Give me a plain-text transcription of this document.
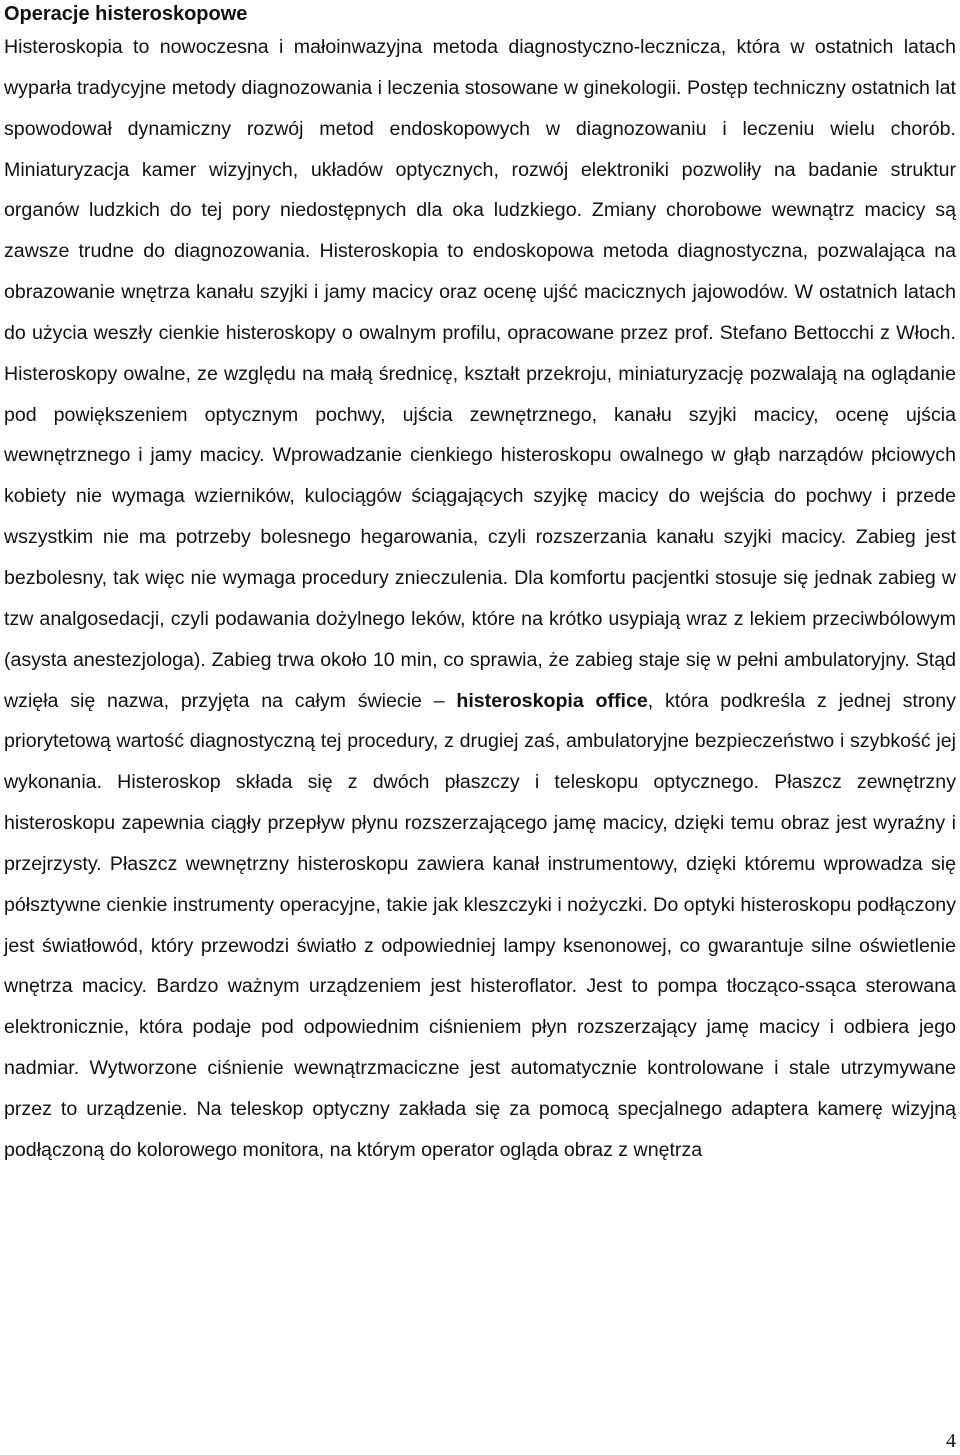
Operacje histeroskopowe

Histeroskopia to nowoczesna i małoinwazyjna metoda diagnostyczno-lecznicza, która w ostatnich latach wyparła tradycyjne metody diagnozowania i leczenia stosowane w ginekologii. Postęp techniczny ostatnich lat spowodował dynamiczny rozwój metod endoskopowych w diagnozowaniu i leczeniu wielu chorób. Miniaturyzacja kamer wizyjnych, układów optycznych, rozwój elektroniki pozwoliły na badanie struktur organów ludzkich do tej pory niedostępnych dla oka ludzkiego. Zmiany chorobowe wewnątrz macicy są zawsze trudne do diagnozowania. Histeroskopia to endoskopowa metoda diagnostyczna, pozwalająca na obrazowanie wnętrza kanału szyjki i jamy macicy oraz ocenę ujść macicznych jajowodów. W ostatnich latach do użycia weszły cienkie histeroskopy o owalnym profilu, opracowane przez prof. Stefano Bettocchi z Włoch. Histeroskopy owalne, ze względu na małą średnicę, kształt przekroju, miniaturyzację pozwalają na oglądanie pod powiększeniem optycznym pochwy, ujścia zewnętrznego, kanału szyjki macicy, ocenę ujścia wewnętrznego i jamy macicy. Wprowadzanie cienkiego histeroskopu owalnego w głąb narządów płciowych kobiety nie wymaga wzierników, kulociągów ściągających szyjkę macicy do wejścia do pochwy i przede wszystkim nie ma potrzeby bolesnego hegarowania, czyli rozszerzania kanału szyjki macicy. Zabieg jest bezbolesny, tak więc nie wymaga procedury znieczulenia. Dla komfortu pacjentki stosuje się jednak zabieg w tzw analgosedacji, czyli podawania dożylnego leków, które na krótko usypiają wraz z lekiem przeciwbólowym (asysta anestezjologa). Zabieg trwa około 10 min, co sprawia, że zabieg staje się w pełni ambulatoryjny. Stąd wzięła się nazwa, przyjęta na całym świecie – histeroskopia office, która podkreśla z jednej strony priorytetową wartość diagnostyczną tej procedury, z drugiej zaś, ambulatoryjne bezpieczeństwo i szybkość jej wykonania. Histeroskop składa się z dwóch płaszczy i teleskopu optycznego. Płaszcz zewnętrzny histeroskopu zapewnia ciągły przepływ płynu rozszerzającego jamę macicy, dzięki temu obraz jest wyraźny i przejrzysty. Płaszcz wewnętrzny histeroskopu zawiera kanał instrumentowy, dzięki któremu wprowadza się półsztywne cienkie instrumenty operacyjne, takie jak kleszczyki i nożyczki. Do optyki histeroskopu podłączony jest światłowód, który przewodzi światło z odpowiedniej lampy ksenonowej, co gwarantuje silne oświetlenie wnętrza macicy. Bardzo ważnym urządzeniem jest histeroflator. Jest to pompa tłocząco-ssąca sterowana elektronicznie, która podaje pod odpowiednim ciśnieniem płyn rozszerzający jamę macicy i odbiera jego nadmiar. Wytworzone ciśnienie wewnątrzmaciczne jest automatycznie kontrolowane i stale utrzymywane przez to urządzenie. Na teleskop optyczny zakłada się za pomocą specjalnego adaptera kamerę wizyjną podłączoną do kolorowego monitora, na którym operator ogląda obraz z wnętrza

4
